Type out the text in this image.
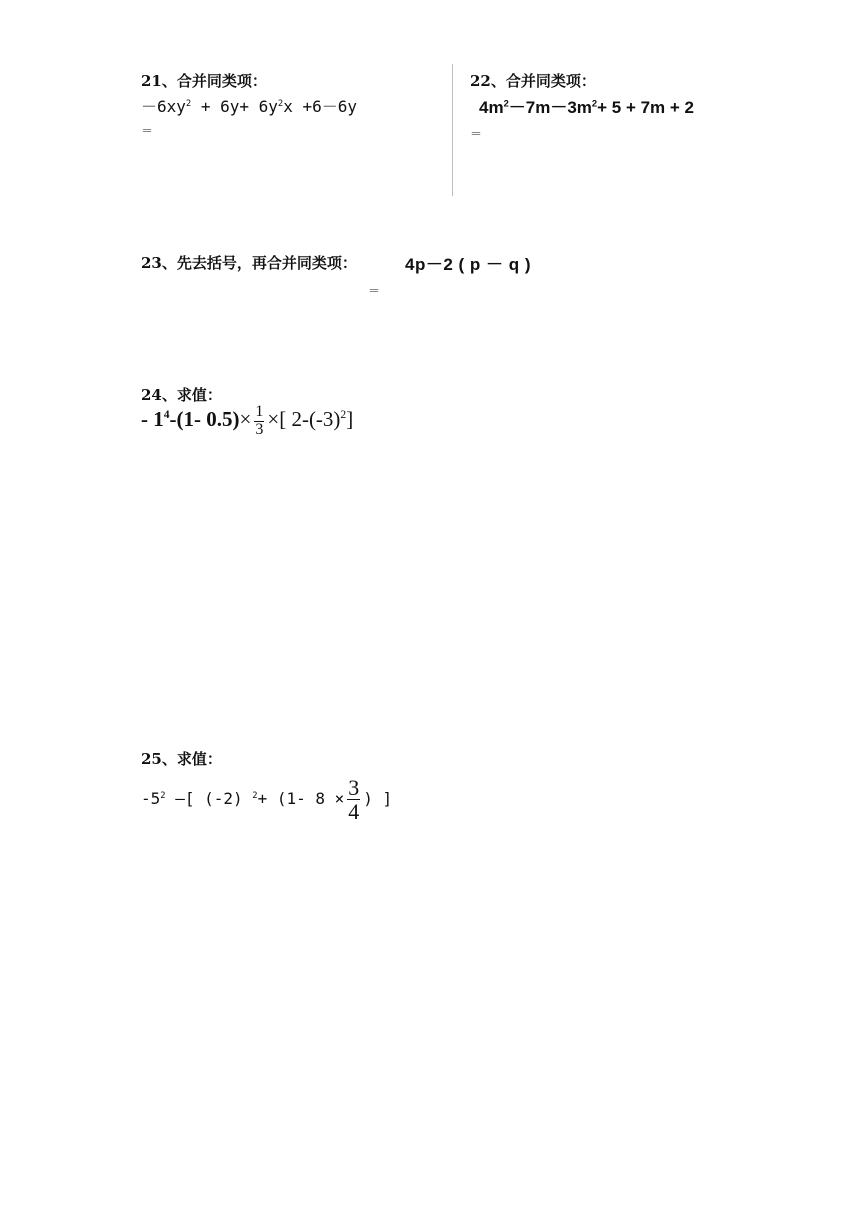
21、合并同类项：
$-6xy^2 + 6y+ 6y^2x +6-6y$
＝
22、合并同类项：
$4m^2-7m-3m^2+ 5 + 7m + 2$
＝
23、先去括号，再合并同类项：	4p－2 ( p － q )
＝
24、求值：
- $1^4-(1-$ $0.5)\times \frac{1}{3}$ ×[ $2-(-3)^2$]
25、求值：
$-5^2$ –[ (-2) $^2$+ (1- $8 \times \frac{3}{4}$ ) ]
